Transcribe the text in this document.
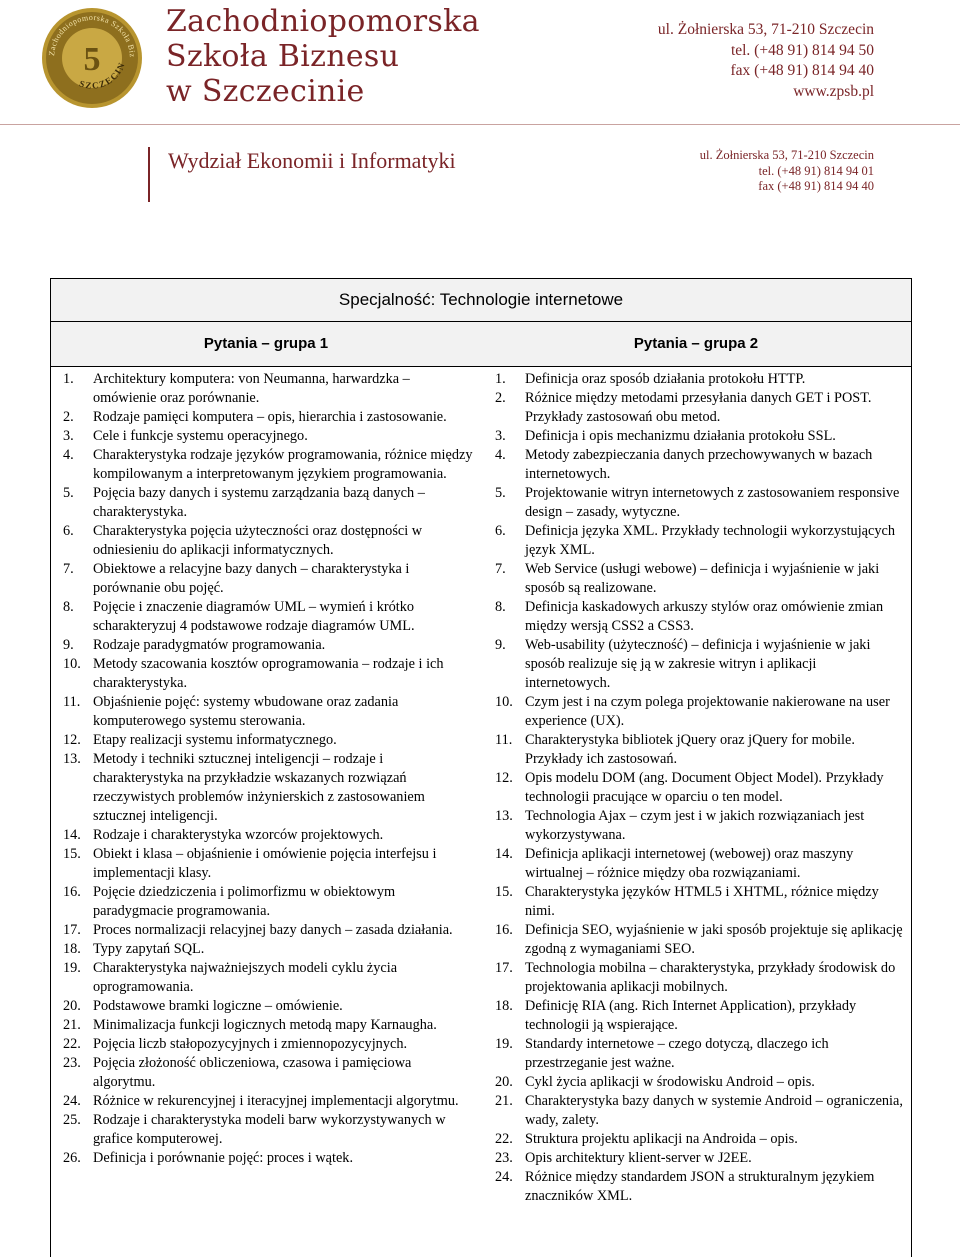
Zachodniopomorska Szkoła Biz
SZCZECIN
5
Zachodniopomorska
Szkoła Biznesu
w Szczecinie
ul. Żołnierska 53, 71-210 Szczecin
tel. (+48 91) 814 94 50
fax (+48 91) 814 94 40
www.zpsb.pl
Wydział Ekonomii i Informatyki	ul. Żołnierska 53, 71-210 Szczecin
tel. (+48 91) 814 94 01
fax (+48 91) 814 94 40
Specjalność: Technologie internetowe
Pytania – grupa 1	Pytania – grupa 2
1. Architektury komputera: von Neumanna, harwardzka – omówienie oraz porównanie.
2. Rodzaje pamięci komputera – opis, hierarchia i zastosowanie.
3. Cele i funkcje systemu operacyjnego.
4. Charakterystyka rodzaje języków programowania, różnice między kompilowanym a interpretowanym językiem programowania.
5. Pojęcia bazy danych i systemu zarządzania bazą danych – charakterystyka.
6. Charakterystyka pojęcia użyteczności oraz dostępności w odniesieniu do aplikacji informatycznych.
7. Obiektowe a relacyjne bazy danych – charakterystyka i porównanie obu pojęć.
8. Pojęcie i znaczenie diagramów UML – wymień i krótko scharakteryzuj 4 podstawowe rodzaje diagramów UML.
9. Rodzaje paradygmatów programowania.
10. Metody szacowania kosztów oprogramowania – rodzaje i ich charakterystyka.
11. Objaśnienie pojęć: systemy wbudowane oraz zadania komputerowego systemu sterowania.
12. Etapy realizacji systemu informatycznego.
13. Metody i techniki sztucznej inteligencji – rodzaje i charakterystyka na przykładzie wskazanych rozwiązań rzeczywistych problemów inżynierskich z zastosowaniem sztucznej inteligencji.
14. Rodzaje i charakterystyka wzorców projektowych.
15. Obiekt i klasa – objaśnienie i omówienie pojęcia interfejsu i implementacji klasy.
16. Pojęcie dziedziczenia i polimorfizmu w obiektowym paradygmacie programowania.
17. Proces normalizacji relacyjnej bazy danych – zasada działania.
18. Typy zapytań SQL.
19. Charakterystyka najważniejszych modeli cyklu życia oprogramowania.
20. Podstawowe bramki logiczne – omówienie.
21. Minimalizacja funkcji logicznych metodą mapy Karnaugha.
22. Pojęcia liczb stałopozycyjnych i zmiennopozycyjnych.
23. Pojęcia złożoność obliczeniowa, czasowa i pamięciowa algorytmu.
24. Różnice w rekurencyjnej i iteracyjnej implementacji algorytmu.
25. Rodzaje i charakterystyka modeli barw wykorzystywanych w grafice komputerowej.
26. Definicja i porównanie pojęć: proces i wątek.
1. Definicja oraz sposób działania protokołu HTTP.
2. Różnice między metodami przesyłania danych GET i POST. Przykłady zastosowań obu metod.
3. Definicja i opis mechanizmu działania protokołu SSL.
4. Metody zabezpieczania danych przechowywanych w bazach internetowych.
5. Projektowanie witryn internetowych z zastosowaniem responsive design – zasady, wytyczne.
6. Definicja języka XML. Przykłady technologii wykorzystujących język XML.
7. Web Service (usługi webowe) – definicja i wyjaśnienie w jaki sposób są realizowane.
8. Definicja kaskadowych arkuszy stylów oraz omówienie zmian między wersją CSS2 a CSS3.
9. Web-usability (użyteczność) – definicja i wyjaśnienie w jaki sposób realizuje się ją w zakresie witryn i aplikacji internetowych.
10. Czym jest i na czym polega projektowanie nakierowane na user experience (UX).
11. Charakterystyka bibliotek jQuery oraz jQuery for mobile. Przykłady ich zastosowań.
12. Opis modelu DOM (ang. Document Object Model). Przykłady technologii pracujące w oparciu o ten model.
13. Technologia Ajax – czym jest i w jakich rozwiązaniach jest wykorzystywana.
14. Definicja aplikacji internetowej (webowej) oraz maszyny wirtualnej – różnice między oba rozwiązaniami.
15. Charakterystyka języków HTML5 i XHTML, różnice między nimi.
16. Definicja SEO, wyjaśnienie w jaki sposób projektuje się aplikację zgodną z wymaganiami SEO.
17. Technologia mobilna – charakterystyka, przykłady środowisk do projektowania aplikacji mobilnych.
18. Definicję RIA (ang. Rich Internet Application), przykłady technologii ją wspierające.
19. Standardy internetowe – czego dotyczą, dlaczego ich przestrzeganie jest ważne.
20. Cykl życia aplikacji w środowisku Android – opis.
21. Charakterystyka bazy danych w systemie Android – ograniczenia, wady, zalety.
22. Struktura projektu aplikacji na Androida – opis.
23. Opis architektury klient-server w J2EE.
24. Różnice między standardem JSON a strukturalnym językiem znaczników XML.
